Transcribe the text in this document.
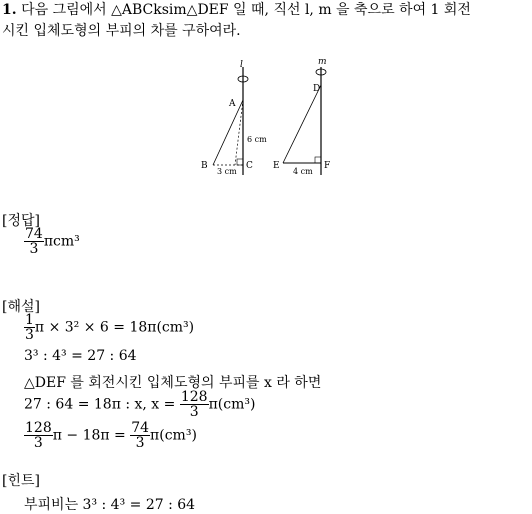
1. 다음 그림에서 △ABCksim△DEF 일 때, 직선 l, m 을 축으로 하여 1 회전
시킨 입체도형의 부피의 차를 구하여라.
l
A
B	C
6 cm
3 cm
m
D
E	F
4 cm
[정답]
$\frac{74}{3} \pi cm^3$
[해설]
$\frac{1}{3}$ π × 3² × 6 = 18π(cm³)
3³ : 4³ = 27 : 64
△DEF 를 회전시킨 입체도형의 부피를 x 라 하면
27 : 64 = 18π : x, $x = \frac{128}{3} \pi(cm^3)$
$\frac{128}{3}$ $\pi - 18\pi = \frac{74}{3} \pi(cm^3)$
[힌트]
부피비는 3³ : 4³ = 27 : 64
